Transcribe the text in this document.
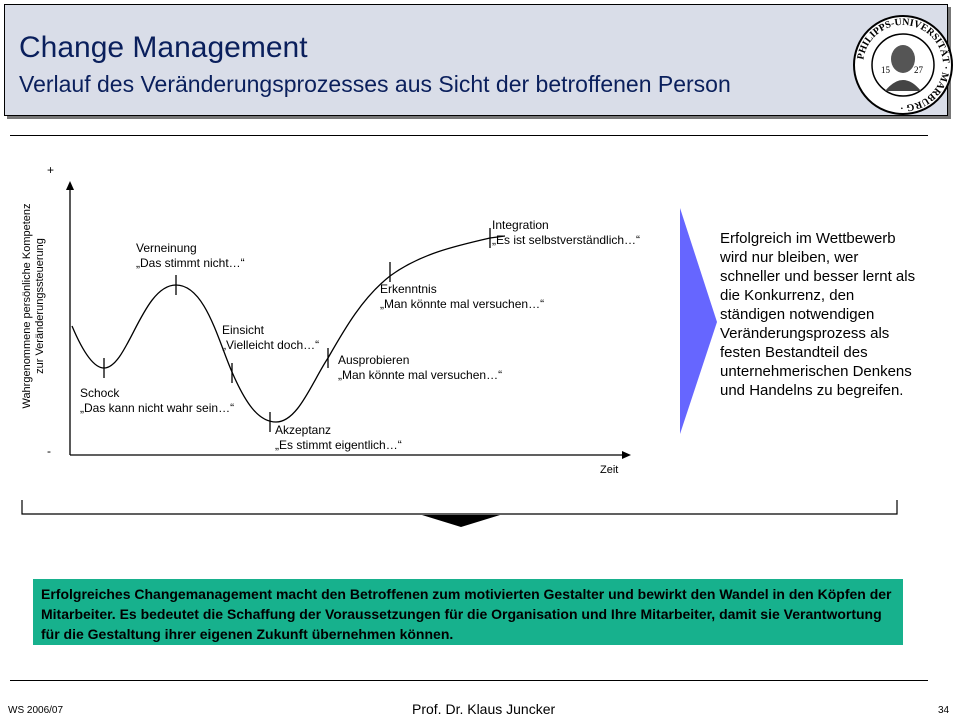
Change Management
Verlauf des Veränderungsprozesses aus Sicht der betroffenen Person
PHILIPPS-UNIVERSITÄT · MARBURG ·
15	27
+
-
Wahrgenommene persönliche Kompetenz zur Veränderungssteuerung
Zeit
Schock
„Das kann nicht wahr sein…“
Verneinung
„Das stimmt nicht…“
Einsicht
„Vielleicht doch…“
Akzeptanz
„Es stimmt eigentlich…“
Ausprobieren
„Man könnte mal versuchen…“
Erkenntnis
„Man könnte mal versuchen…“
Integration
„Es ist selbstverständlich…“	Erfolgreich im Wettbewerb wird nur bleiben, wer schneller und besser lernt als die Konkurrenz, den ständigen notwendigen Veränderungsprozess als festen Bestandteil des unternehmerischen Denkens und Handelns zu begreifen.
Erfolgreiches Changemanagement macht den Betroffenen zum motivierten Gestalter und bewirkt den Wandel in den Köpfen der Mitarbeiter. Es bedeutet die Schaffung der Voraussetzungen für die Organisation und Ihre Mitarbeiter, damit sie Verantwortung für die Gestaltung ihrer eigenen Zukunft übernehmen können.
WS 2006/07	Prof. Dr. Klaus Juncker	34
